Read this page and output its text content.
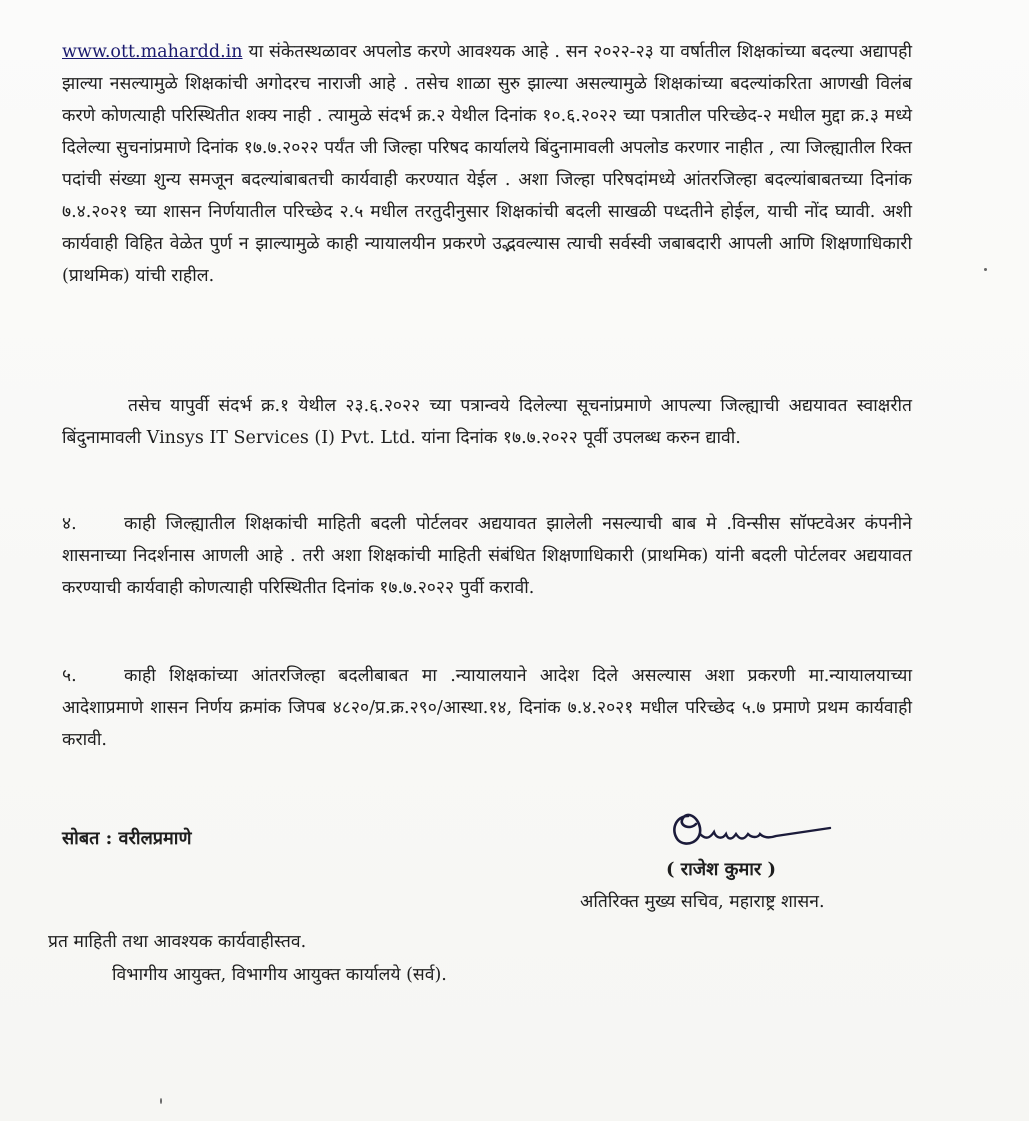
www.ott.mahardd.in या संकेतस्थळावर अपलोड करणे आवश्यक आहे . सन २०२२-२३ या वर्षातील शिक्षकांच्या बदल्या अद्यापही झाल्या नसल्यामुळे शिक्षकांची अगोदरच नाराजी आहे . तसेच शाळा सुरु झाल्या असल्यामुळे शिक्षकांच्या बदल्यांकरिता आणखी विलंब करणे कोणत्याही परिस्थितीत शक्य नाही . त्यामुळे संदर्भ क्र.२ येथील दिनांक १०.६.२०२२ च्या पत्रातील परिच्छेद-२ मधील मुद्दा क्र.३ मध्ये दिलेल्या सुचनांप्रमाणे दिनांक १७.७.२०२२ पर्यंत जी जिल्हा परिषद कार्यालये बिंदुनामावली अपलोड करणार नाहीत , त्या जिल्ह्यातील रिक्त पदांची संख्या शुन्य समजून बदल्यांबाबतची कार्यवाही करण्यात येईल . अशा जिल्हा परिषदांमध्ये आंतरजिल्हा बदल्यांबाबतच्या दिनांक ७.४.२०२१ च्या शासन निर्णयातील परिच्छेद २.५ मधील तरतुदीनुसार शिक्षकांची बदली साखळी पध्दतीने होईल, याची नोंद घ्यावी. अशी कार्यवाही विहित वेळेत पुर्ण न झाल्यामुळे काही न्यायालयीन प्रकरणे उद्भवल्यास त्याची सर्वस्वी जबाबदारी आपली आणि शिक्षणाधिकारी (प्राथमिक) यांची राहील.

तसेच यापुर्वी संदर्भ क्र.१ येथील २३.६.२०२२ च्या पत्रान्वये दिलेल्या सूचनांप्रमाणे आपल्या जिल्ह्याची अद्ययावत स्वाक्षरीत बिंदुनामावली Vinsys IT Services (I) Pvt. Ltd. यांना दिनांक १७.७.२०२२ पूर्वी उपलब्ध करुन द्यावी.

४.	काही जिल्ह्यातील शिक्षकांची माहिती बदली पोर्टलवर अद्ययावत झालेली नसल्याची बाब मे .विन्सीस सॉफ्टवेअर कंपनीने शासनाच्या निदर्शनास आणली आहे . तरी अशा शिक्षकांची माहिती संबंधित शिक्षणाधिकारी (प्राथमिक) यांनी बदली पोर्टलवर अद्ययावत करण्याची कार्यवाही कोणत्याही परिस्थितीत दिनांक १७.७.२०२२ पुर्वी करावी.

५.	काही शिक्षकांच्या आंतरजिल्हा बदलीबाबत मा .न्यायालयाने आदेश दिले असल्यास अशा प्रकरणी मा.न्यायालयाच्या आदेशाप्रमाणे शासन निर्णय क्रमांक जिपब ४८२०/प्र.क्र.२९०/आस्था.१४, दिनांक ७.४.२०२१ मधील परिच्छेद ५.७ प्रमाणे प्रथम कार्यवाही करावी.

सोबत : वरीलप्रमाणे
( राजेश कुमार )
अतिरिक्त मुख्य सचिव, महाराष्ट्र शासन.
प्रत माहिती तथा आवश्यक कार्यवाहीस्तव.
विभागीय आयुक्त, विभागीय आयुक्त कार्यालये (सर्व).
